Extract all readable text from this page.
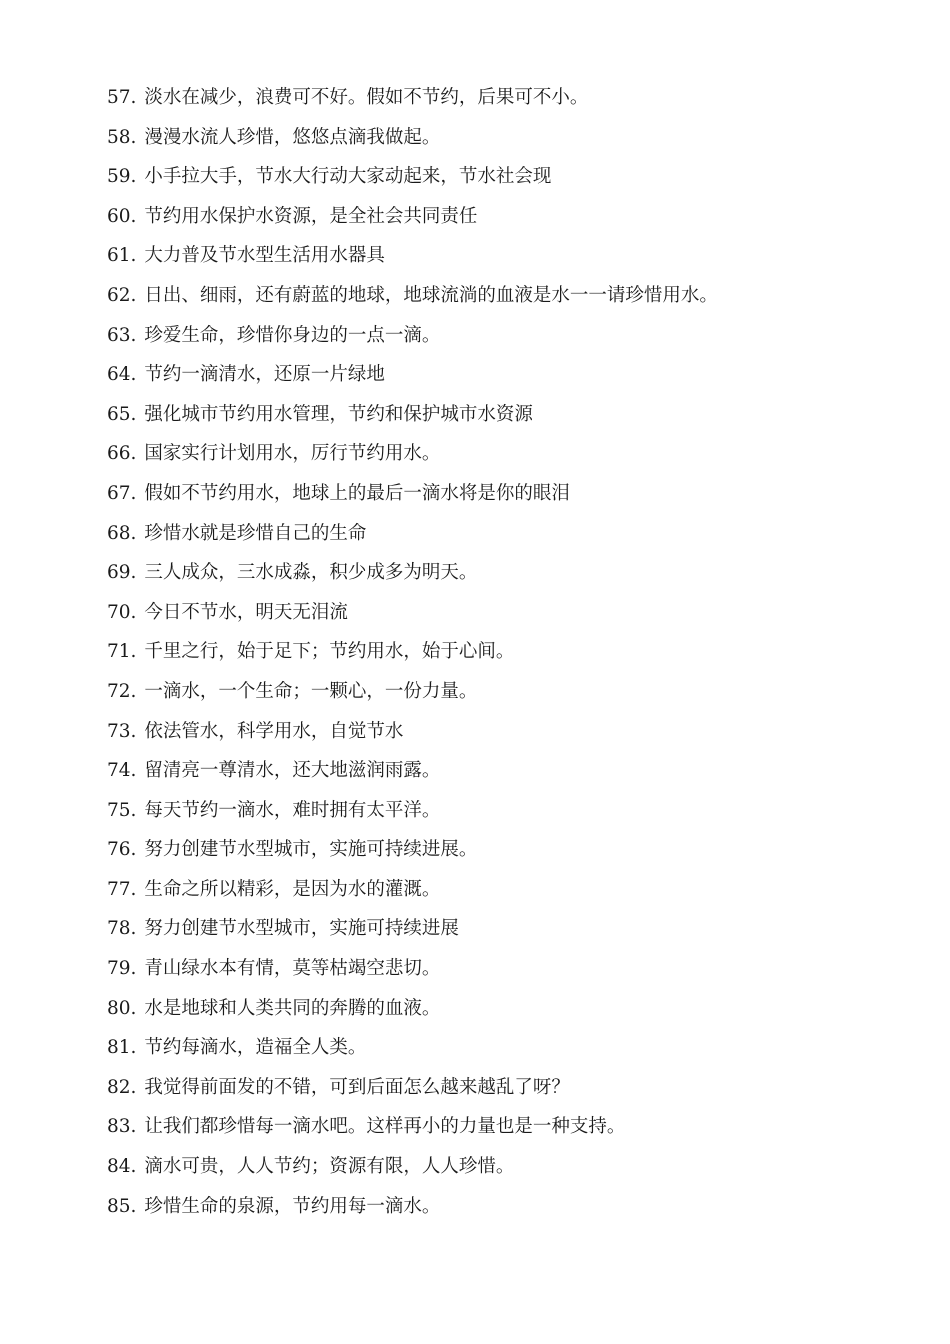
57. 淡水在减少，浪费可不好。假如不节约，后果可不小。
58. 漫漫水流人珍惜，悠悠点滴我做起。
59. 小手拉大手，节水大行动大家动起来，节水社会现
60. 节约用水保护水资源，是全社会共同责任
61. 大力普及节水型生活用水器具
62. 日出、细雨，还有蔚蓝的地球，地球流淌的血液是水一一请珍惜用水。
63. 珍爱生命，珍惜你身边的一点一滴。
64. 节约一滴清水，还原一片绿地
65. 强化城市节约用水管理，节约和保护城市水资源
66. 国家实行计划用水，厉行节约用水。
67. 假如不节约用水，地球上的最后一滴水将是你的眼泪
68. 珍惜水就是珍惜自己的生命
69. 三人成众，三水成淼，积少成多为明天。
70. 今日不节水，明天无泪流
71. 千里之行，始于足下；节约用水，始于心间。
72. 一滴水，一个生命；一颗心，一份力量。
73. 依法管水，科学用水，自觉节水
74. 留清亮一尊清水，还大地滋润雨露。
75. 每天节约一滴水，难时拥有太平洋。
76. 努力创建节水型城市，实施可持续进展。
77. 生命之所以精彩，是因为水的灌溉。
78. 努力创建节水型城市，实施可持续进展
79. 青山绿水本有情，莫等枯竭空悲切。
80. 水是地球和人类共同的奔腾的血液。
81. 节约每滴水，造福全人类。
82. 我觉得前面发的不错，可到后面怎么越来越乱了呀？
83. 让我们都珍惜每一滴水吧。这样再小的力量也是一种支持。
84. 滴水可贵，人人节约；资源有限，人人珍惜。
85. 珍惜生命的泉源，节约用每一滴水。
